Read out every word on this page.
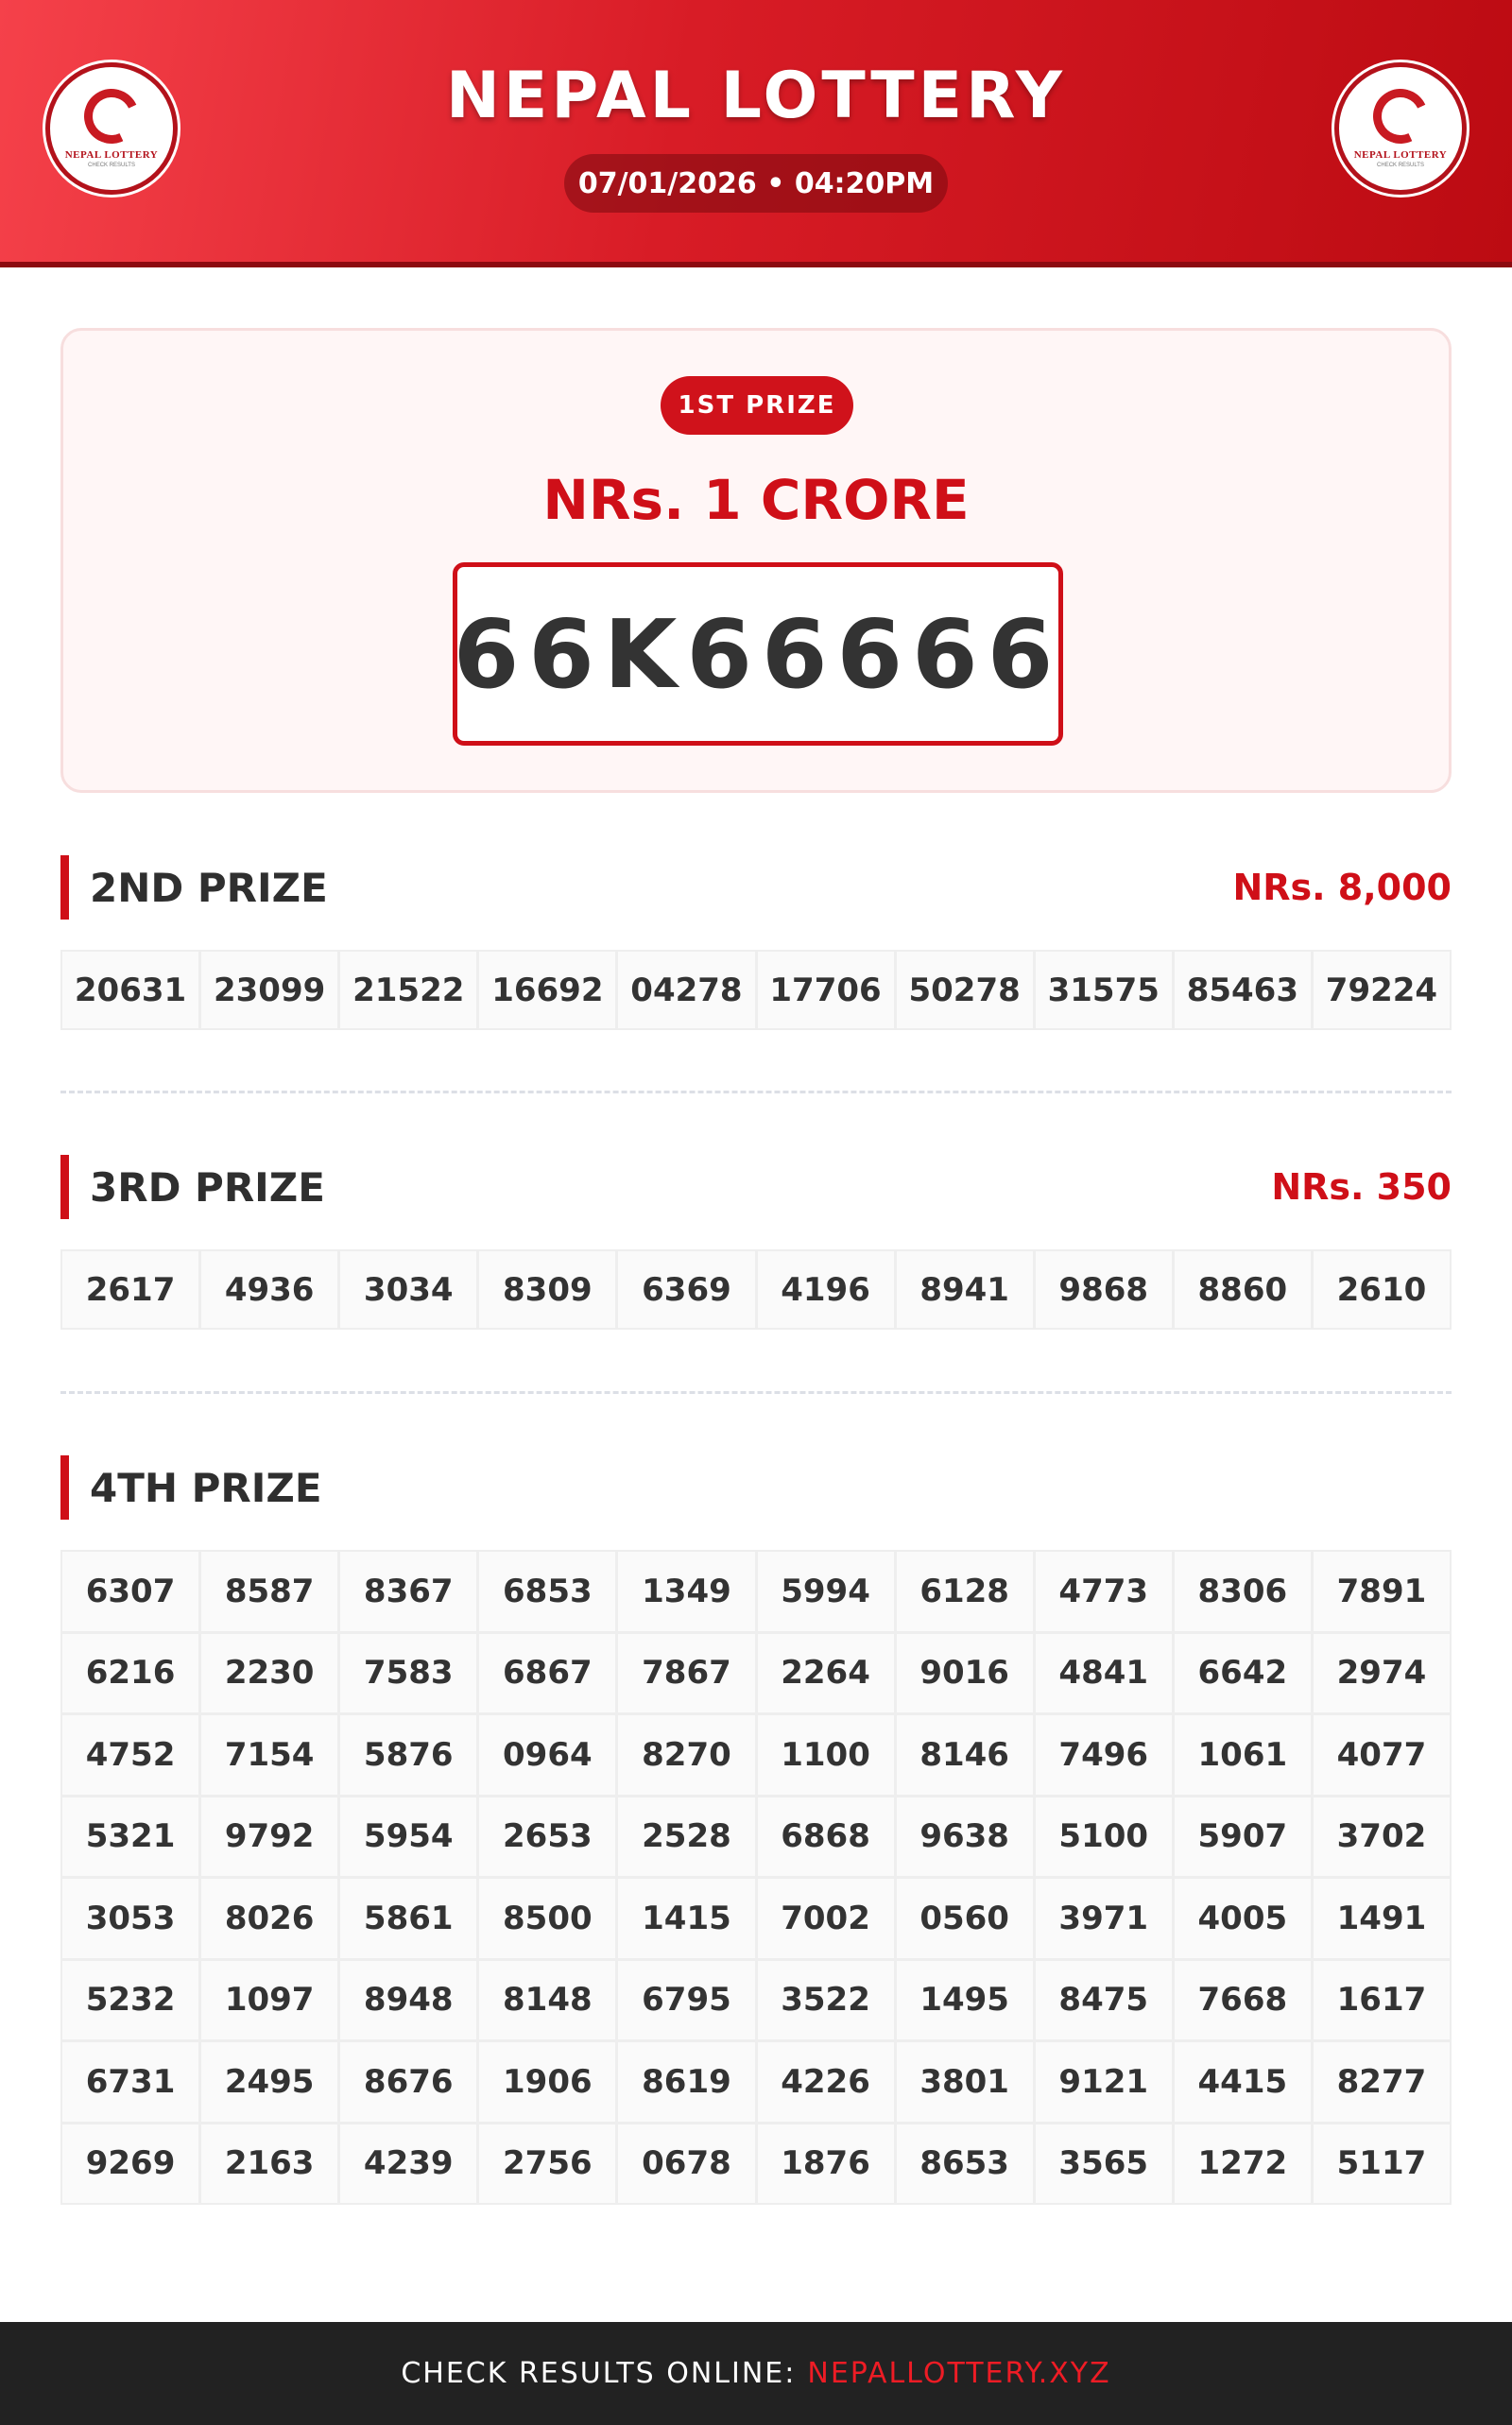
NEPAL LOTTERY
CHECK RESULTS
NEPAL LOTTERY
07/01/2026 • 04:20PM
NEPAL LOTTERY
CHECK RESULTS
1ST PRIZE
NRs. 1 CRORE
66K66666
2ND PRIZE	NRs. 8,000
20631 23099 21522 16692 04278 17706 50278 31575 85463 79224
3RD PRIZE	NRs. 350
2617	4936	3034	8309	6369	4196	8941	9868	8860	2610
4TH PRIZE
6307	8587	8367	6853	1349	5994	6128	4773	8306	7891
6216	2230	7583	6867	7867	2264	9016	4841	6642	2974
4752	7154	5876	0964	8270	1100	8146	7496	1061	4077
5321	9792	5954	2653	2528	6868	9638	5100	5907	3702
3053	8026	5861	8500	1415	7002	0560	3971	4005	1491
5232	1097	8948	8148	6795	3522	1495	8475	7668	1617
6731	2495	8676	1906	8619	4226	3801	9121	4415	8277
9269	2163	4239	2756	0678	1876	8653	3565	1272	5117
CHECK RESULTS ONLINE: NEPALLOTTERY.XYZ
